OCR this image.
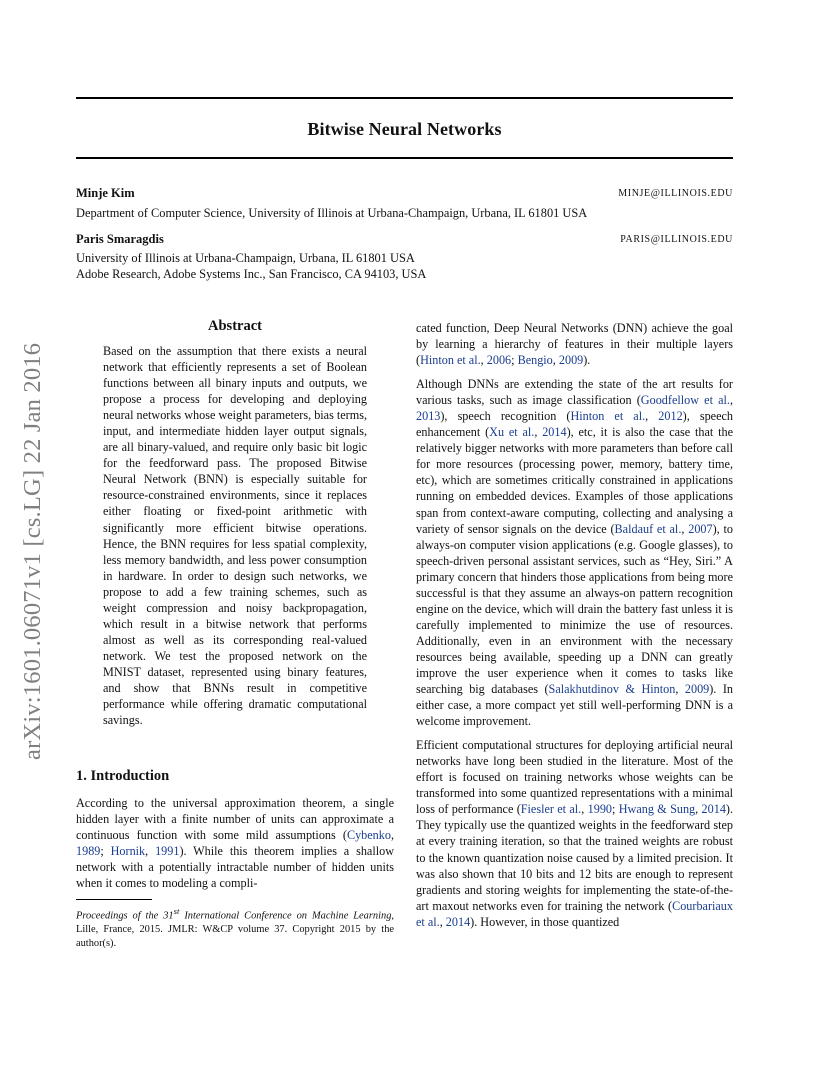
Bitwise Neural Networks
Minje Kim	MINJE@ILLINOIS.EDU
Department of Computer Science, University of Illinois at Urbana-Champaign, Urbana, IL 61801 USA
Paris Smaragdis	PARIS@ILLINOIS.EDU
University of Illinois at Urbana-Champaign, Urbana, IL 61801 USA
Adobe Research, Adobe Systems Inc., San Francisco, CA 94103, USA
arXiv:1601.06071v1 [cs.LG] 22 Jan 2016
Abstract
Based on the assumption that there exists a neural network that efficiently represents a set of Boolean functions between all binary inputs and outputs, we propose a process for developing and deploying neural networks whose weight parameters, bias terms, input, and intermediate hidden layer output signals, are all binary-valued, and require only basic bit logic for the feedforward pass. The proposed Bitwise Neural Network (BNN) is especially suitable for resource-constrained environments, since it replaces either floating or fixed-point arithmetic with significantly more efficient bitwise operations. Hence, the BNN requires for less spatial complexity, less memory bandwidth, and less power consumption in hardware. In order to design such networks, we propose to add a few training schemes, such as weight compression and noisy backpropagation, which result in a bitwise network that performs almost as well as its corresponding real-valued network. We test the proposed network on the MNIST dataset, represented using binary features, and show that BNNs result in competitive performance while offering dramatic computational savings.
1. Introduction

According to the universal approximation theorem, a single hidden layer with a finite number of units can approximate a continuous function with some mild assumptions (Cybenko, 1989; Hornik, 1991). While this theorem implies a shallow network with a potentially intractable number of hidden units when it comes to modeling a compli-

Proceedings of the 31st International Conference on Machine Learning, Lille, France, 2015. JMLR: W&CP volume 37. Copyright 2015 by the author(s).

cated function, Deep Neural Networks (DNN) achieve the goal by learning a hierarchy of features in their multiple layers (Hinton et al., 2006; Bengio, 2009).

Although DNNs are extending the state of the art results for various tasks, such as image classification (Goodfellow et al., 2013), speech recognition (Hinton et al., 2012), speech enhancement (Xu et al., 2014), etc, it is also the case that the relatively bigger networks with more parameters than before call for more resources (processing power, memory, battery time, etc), which are sometimes critically constrained in applications running on embedded devices. Examples of those applications span from context-aware computing, collecting and analysing a variety of sensor signals on the device (Baldauf et al., 2007), to always-on computer vision applications (e.g. Google glasses), to speech-driven personal assistant services, such as “Hey, Siri.” A primary concern that hinders those applications from being more successful is that they assume an always-on pattern recognition engine on the device, which will drain the battery fast unless it is carefully implemented to minimize the use of resources. Additionally, even in an environment with the necessary resources being available, speeding up a DNN can greatly improve the user experience when it comes to tasks like searching big databases (Salakhutdinov & Hinton, 2009). In either case, a more compact yet still well-performing DNN is a welcome improvement.

Efficient computational structures for deploying artificial neural networks have long been studied in the literature. Most of the effort is focused on training networks whose weights can be transformed into some quantized representations with a minimal loss of performance (Fiesler et al., 1990; Hwang & Sung, 2014). They typically use the quantized weights in the feedforward step at every training iteration, so that the trained weights are robust to the known quantization noise caused by a limited precision. It was also shown that 10 bits and 12 bits are enough to represent gradients and storing weights for implementing the state-of-the-art maxout networks even for training the network (Courbariaux et al., 2014). However, in those quantized
